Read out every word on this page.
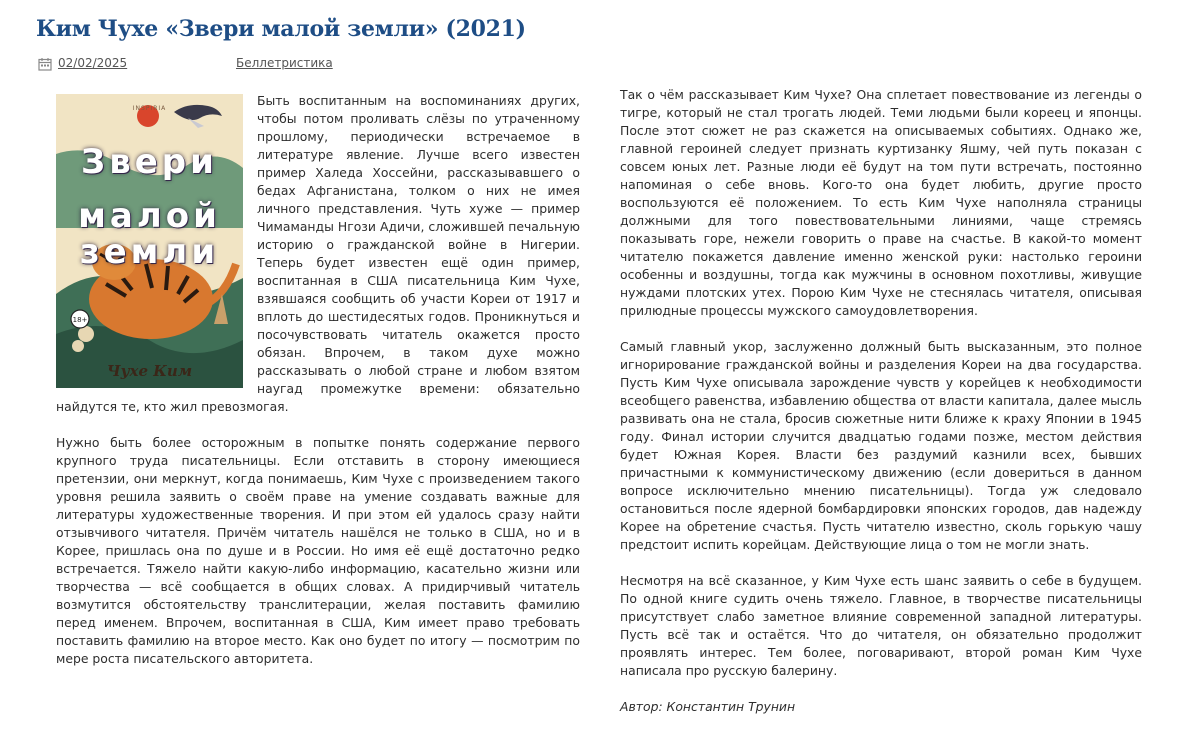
Ким Чухе «Звери малой земли» (2021)
02/02/2025	Беллетристика
18+
INSPIRIA
Звери
малой
земли
Чухе Ким

Быть воспитанным на воспоминаниях других, чтобы потом проливать слёзы по утраченному прошлому, периодически встречаемое в литературе явление. Лучше всего известен пример Халеда Хоссейни, рассказывавшего о бедах Афганистана, толком о них не имея личного представления. Чуть хуже — пример Чимаманды Нгози Адичи, сложившей печальную историю о гражданской войне в Нигерии. Теперь будет известен ещё один пример, воспитанная в США писательница Ким Чухе, взявшаяся сообщить об участи Кореи от 1917 и вплоть до шестидесятых годов. Проникнуться и посочувствовать читатель окажется просто обязан. Впрочем, в таком духе можно рассказывать о любой стране и любом взятом наугад промежутке времени: обязательно найдутся те, кто жил превозмогая.

Нужно быть более осторожным в попытке понять содержание первого крупного труда писательницы. Если отставить в сторону имеющиеся претензии, они меркнут, когда понимаешь, Ким Чухе с произведением такого уровня решила заявить о своём праве на умение создавать важные для литературы художественные творения. И при этом ей удалось сразу найти отзывчивого читателя. Причём читатель нашёлся не только в США, но и в Корее, пришлась она по душе и в России. Но имя её ещё достаточно редко встречается. Тяжело найти какую-либо информацию, касательно жизни или творчества — всё сообщается в общих словах. А придирчивый читатель возмутится обстоятельству транслитерации, желая поставить фамилию перед именем. Впрочем, воспитанная в США, Ким имеет право требовать поставить фамилию на второе место. Как оно будет по итогу — посмотрим по мере роста писательского авторитета.

Так о чём рассказывает Ким Чухе? Она сплетает повествование из легенды о тигре, который не стал трогать людей. Теми людьми были кореец и японцы. После этот сюжет не раз скажется на описываемых событиях. Однако же, главной героиней следует признать куртизанку Яшму, чей путь показан с совсем юных лет. Разные люди её будут на том пути встречать, постоянно напоминая о себе вновь. Кого-то она будет любить, другие просто воспользуются её положением. То есть Ким Чухе наполняла страницы должными для того повествовательными линиями, чаще стремясь показывать горе, нежели говорить о праве на счастье. В какой-то момент читателю покажется давление именно женской руки: настолько героини особенны и воздушны, тогда как мужчины в основном похотливы, живущие нуждами плотских утех. Порою Ким Чухе не стеснялась читателя, описывая прилюдные процессы мужского самоудовлетворения.

Самый главный укор, заслуженно должный быть высказанным, это полное игнорирование гражданской войны и разделения Кореи на два государства. Пусть Ким Чухе описывала зарождение чувств у корейцев к необходимости всеобщего равенства, избавлению общества от власти капитала, далее мысль развивать она не стала, бросив сюжетные нити ближе к краху Японии в 1945 году. Финал истории случится двадцатью годами позже, местом действия будет Южная Корея. Власти без раздумий казнили всех, бывших причастными к коммунистическому движению (если довериться в данном вопросе исключительно мнению писательницы). Тогда уж следовало остановиться после ядерной бомбардировки японских городов, дав надежду Корее на обретение счастья. Пусть читателю известно, сколь горькую чашу предстоит испить корейцам. Действующие лица о том не могли знать.

Несмотря на всё сказанное, у Ким Чухе есть шанс заявить о себе в будущем. По одной книге судить очень тяжело. Главное, в творчестве писательницы присутствует слабо заметное влияние современной западной литературы. Пусть всё так и остаётся. Что до читателя, он обязательно продолжит проявлять интерес. Тем более, поговаривают, второй роман Ким Чухе написала про русскую балерину.

Автор: Константин Трунин
